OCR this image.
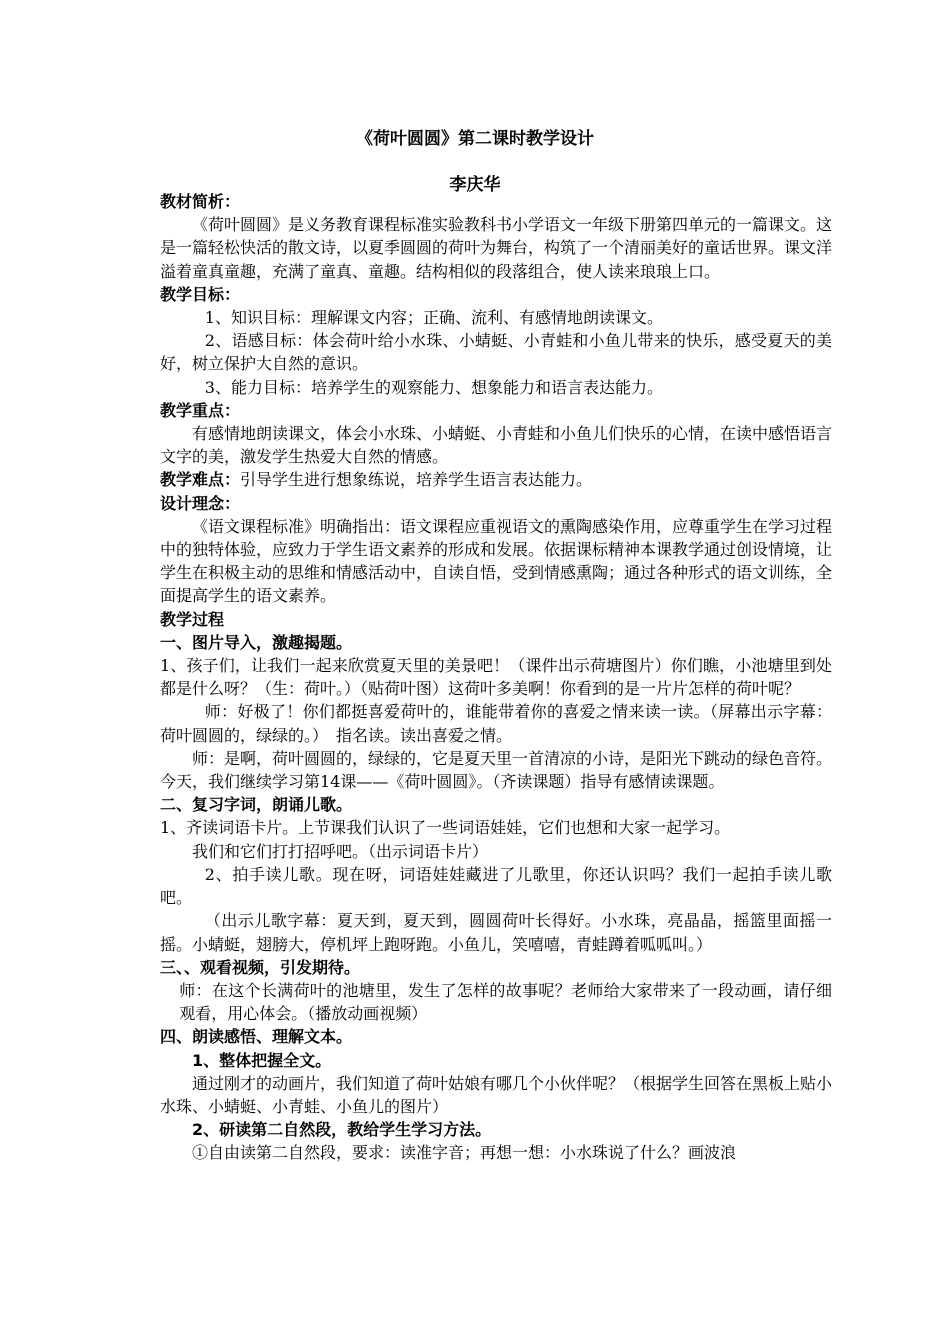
《荷叶圆圆》第二课时教学设计
李庆华

教材简析：

《荷叶圆圆》是义务教育课程标准实验教科书小学语文一年级下册第四单元的一篇课文。这是一篇轻松快活的散文诗，以夏季圆圆的荷叶为舞台，构筑了一个清丽美好的童话世界。课文洋溢着童真童趣，充满了童真、童趣。结构相似的段落组合，使人读来琅琅上口。

教学目标：

1、知识目标：理解课文内容；正确、流利、有感情地朗读课文。

2、语感目标：体会荷叶给小水珠、小蜻蜓、小青蛙和小鱼儿带来的快乐，感受夏天的美好，树立保护大自然的意识。

3、能力目标：培养学生的观察能力、想象能力和语言表达能力。

教学重点：

有感情地朗读课文，体会小水珠、小蜻蜓、小青蛙和小鱼儿们快乐的心情，在读中感悟语言文字的美，激发学生热爱大自然的情感。

教学难点：引导学生进行想象练说，培养学生语言表达能力。

设计理念：

《语文课程标准》明确指出：语文课程应重视语文的熏陶感染作用，应尊重学生在学习过程中的独特体验，应致力于学生语文素养的形成和发展。依据课标精神本课教学通过创设情境，让学生在积极主动的思维和情感活动中，自读自悟，受到情感熏陶；通过各种形式的语文训练，全面提高学生的语文素养。

教学过程

一、图片导入，激趣揭题。

1、孩子们，让我们一起来欣赏夏天里的美景吧！（课件出示荷塘图片）你们瞧，小池塘里到处都是什么呀？（生：荷叶。）（贴荷叶图）这荷叶多美啊！你看到的是一片片怎样的荷叶呢？

师：好极了！你们都挺喜爱荷叶的，谁能带着你的喜爱之情来读一读。（屏幕出示字幕：荷叶圆圆的，绿绿的。）　指名读。读出喜爱之情。

师：是啊，荷叶圆圆的，绿绿的，它是夏天里一首清凉的小诗，是阳光下跳动的绿色音符。今天，我们继续学习第14课——《荷叶圆圆》。（齐读课题）指导有感情读课题。

二、复习字词，朗诵儿歌。

1、齐读词语卡片。上节课我们认识了一些词语娃娃，它们也想和大家一起学习。

我们和它们打打招呼吧。（出示词语卡片）

2、拍手读儿歌。现在呀，词语娃娃藏进了儿歌里，你还认识吗？我们一起拍手读儿歌吧。

（出示儿歌字幕：夏天到，夏天到，圆圆荷叶长得好。小水珠，亮晶晶，摇篮里面摇一摇。小蜻蜓，翅膀大，停机坪上跑呀跑。小鱼儿，笑嘻嘻，青蛙蹲着呱呱叫。）

三、、观看视频，引发期待。

师：在这个长满荷叶的池塘里，发生了怎样的故事呢？老师给大家带来了一段动画，请仔细观看，用心体会。（播放动画视频）

四、朗读感悟、理解文本。

1、整体把握全文。

通过刚才的动画片，我们知道了荷叶姑娘有哪几个小伙伴呢？（根据学生回答在黑板上贴小水珠、小蜻蜓、小青蛙、小鱼儿的图片）

2、研读第二自然段，教给学生学习方法。

①自由读第二自然段，要求：读准字音；再想一想：小水珠说了什么？画波浪
